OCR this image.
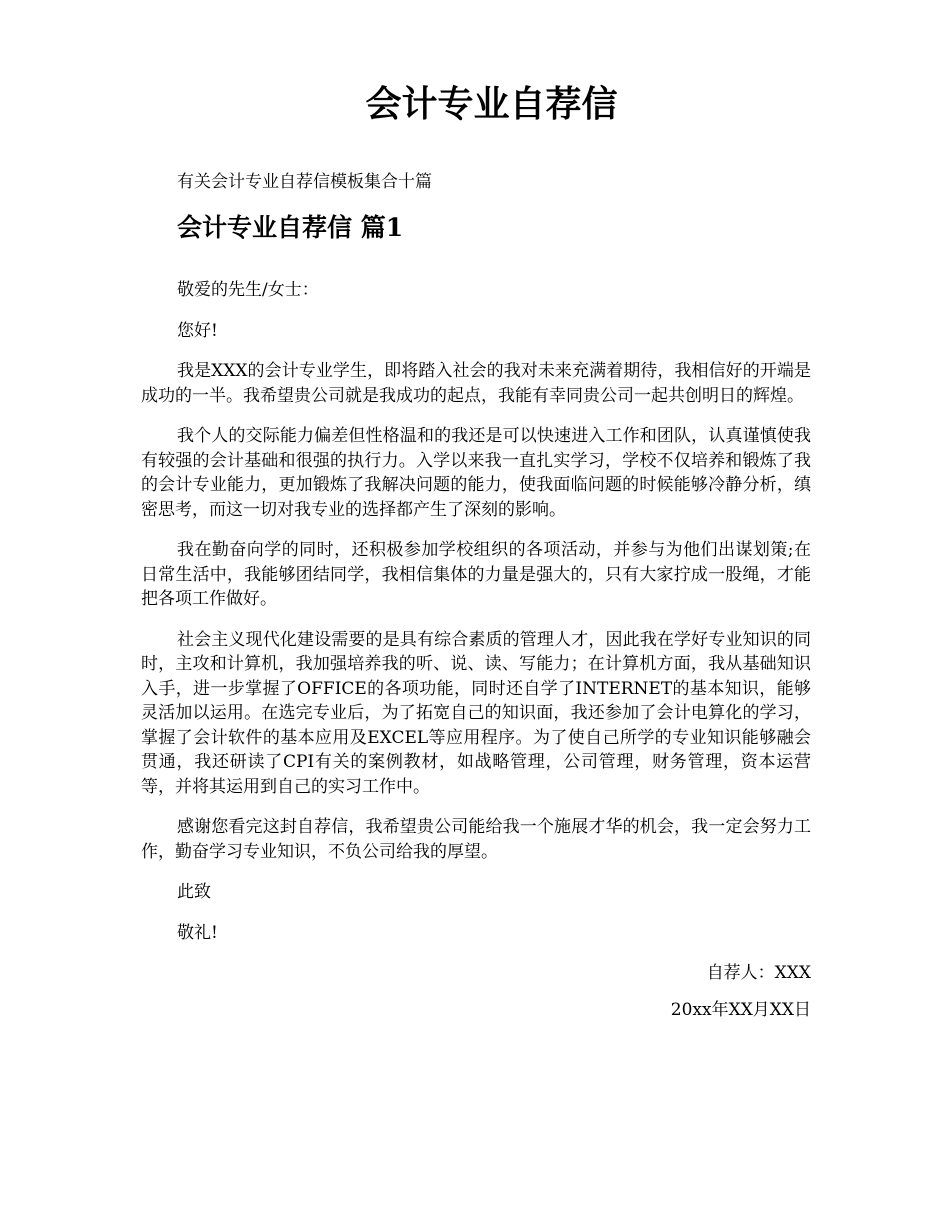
会计专业自荐信

有关会计专业自荐信模板集合十篇

会计专业自荐信 篇1

敬爱的先生/女士：

您好!

我是XXX的会计专业学生，即将踏入社会的我对未来充满着期待，我相信好的开端是成功的一半。我希望贵公司就是我成功的起点，我能有幸同贵公司一起共创明日的辉煌。

我个人的交际能力偏差但性格温和的我还是可以快速进入工作和团队，认真谨慎使我有较强的会计基础和很强的执行力。入学以来我一直扎实学习，学校不仅培养和锻炼了我的会计专业能力，更加锻炼了我解决问题的能力，使我面临问题的时候能够冷静分析，缜密思考，而这一切对我专业的选择都产生了深刻的影响。

我在勤奋向学的同时，还积极参加学校组织的各项活动，并参与为他们出谋划策;在日常生活中，我能够团结同学，我相信集体的力量是强大的，只有大家拧成一股绳，才能把各项工作做好。

社会主义现代化建设需要的是具有综合素质的管理人才，因此我在学好专业知识的同时，主攻和计算机，我加强培养我的听、说、读、写能力；在计算机方面，我从基础知识入手，进一步掌握了OFFICE的各项功能，同时还自学了INTERNET的基本知识，能够灵活加以运用。在选完专业后，为了拓宽自己的知识面，我还参加了会计电算化的学习，掌握了会计软件的基本应用及EXCEL等应用程序。为了使自己所学的专业知识能够融会贯通，我还研读了CPI有关的案例教材，如战略管理，公司管理，财务管理，资本运营等，并将其运用到自己的实习工作中。

感谢您看完这封自荐信，我希望贵公司能给我一个施展才华的机会，我一定会努力工作，勤奋学习专业知识，不负公司给我的厚望。

此致

敬礼!

自荐人：XXX

20xx年XX月XX日
